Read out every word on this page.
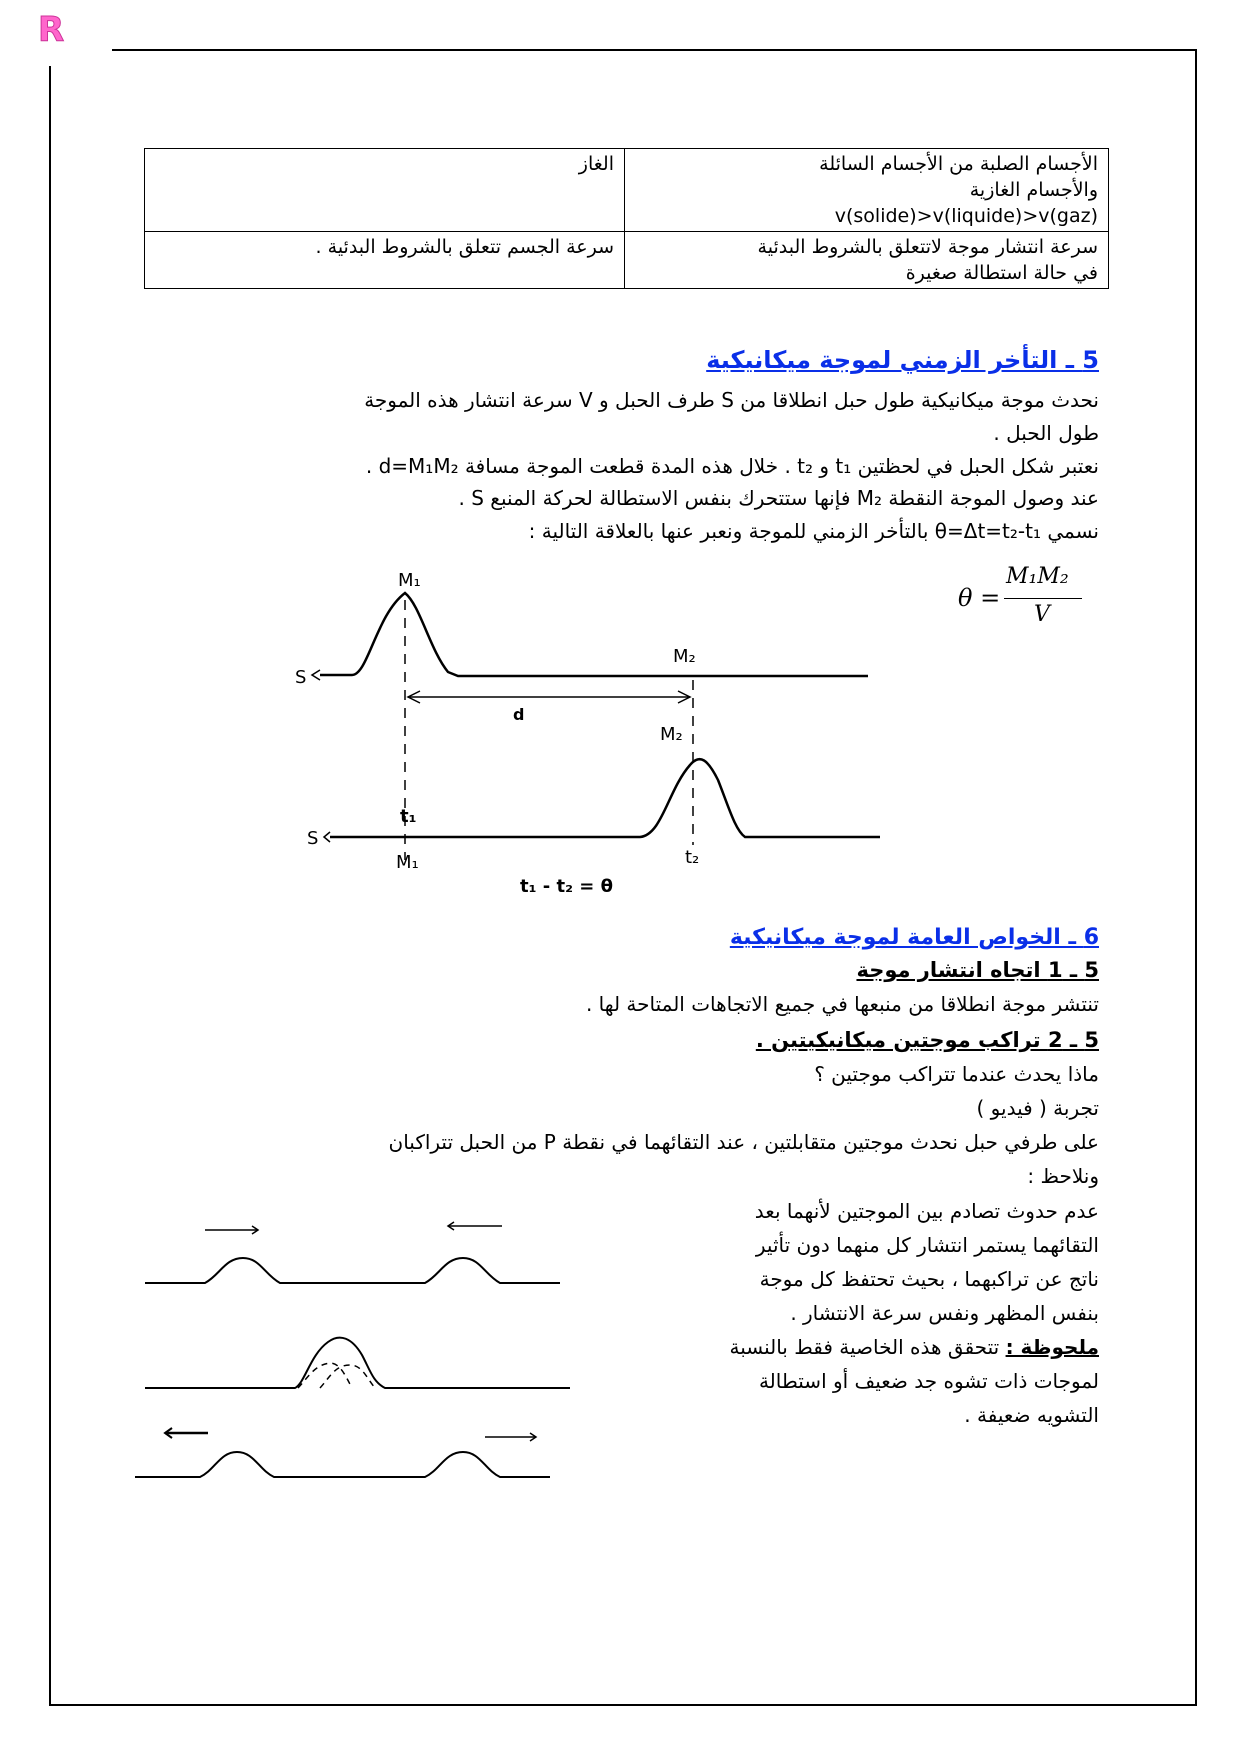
R
الأجسام الصلبة من الأجسام السائلة
والأجسام الغازية
v(solide)>v(liquide)>v(gaz)	الغاز

سرعة انتشار موجة لاتتعلق بالشروط البدئية
في حالة استطالة صغيرة	سرعة الجسم تتعلق بالشروط البدئية .
5 ـ التأخر الزمني لموجة ميكانيكية
نحدث موجة ميكانيكية طول حبل انطلاقا من S طرف الحبل و V سرعة انتشار هذه الموجة
طول الحبل .
نعتبر شكل الحبل في لحظتين t₁ و t₂ . خلال هذه المدة قطعت الموجة مسافة d=M₁M₂ .
عند وصول الموجة النقطة M₂ فإنها ستتحرك بنفس الاستطالة لحركة المنبع S .
نسمي θ=Δt=t₂-t₁ بالتأخر الزمني للموجة ونعبر عنها بالعلاقة التالية :
θ =
M₁M₂
V
M₁
S
M₂
d
M₂
t₁
S
M₁	t₂
t₁ - t₂ = θ
6 ـ الخواص العامة لموجة ميكانيكية
5 ـ 1 اتجاه انتشار موجة
تنتشر موجة انطلاقا من منبعها في جميع الاتجاهات المتاحة لها .
5 ـ 2 تراكب موجتين ميكانيكيتين .
ماذا يحدث عندما تتراكب موجتين ؟
تجربة ( فيديو )
على طرفي حبل نحدث موجتين متقابلتين ، عند التقائهما في نقطة P من الحبل تتراكبان
ونلاحظ :
عدم حدوث تصادم بين الموجتين لأنهما بعد
التقائهما يستمر انتشار كل منهما دون تأثير
ناتج عن تراكبهما ، بحيث تحتفظ كل موجة
بنفس المظهر ونفس سرعة الانتشار .
ملحوظة : تتحقق هذه الخاصية فقط بالنسبة
لموجات ذات تشوه جد ضعيف أو استطالة
التشويه ضعيفة .
